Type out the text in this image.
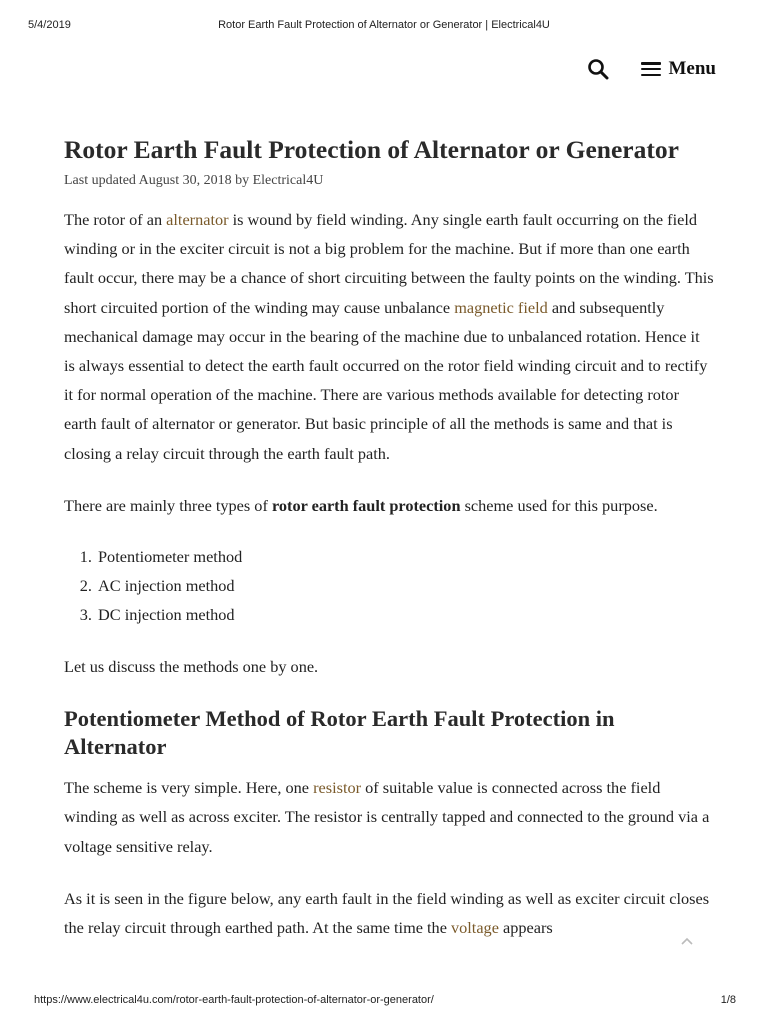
5/4/2019	Rotor Earth Fault Protection of Alternator or Generator | Electrical4U
Menu
Rotor Earth Fault Protection of Alternator or Generator
Last updated August 30, 2018 by Electrical4U

The rotor of an alternator is wound by field winding. Any single earth fault occurring on the field winding or in the exciter circuit is not a big problem for the machine. But if more than one earth fault occur, there may be a chance of short circuiting between the faulty points on the winding. This short circuited portion of the winding may cause unbalance magnetic field and subsequently mechanical damage may occur in the bearing of the machine due to unbalanced rotation. Hence it is always essential to detect the earth fault occurred on the rotor field winding circuit and to rectify it for normal operation of the machine. There are various methods available for detecting rotor earth fault of alternator or generator. But basic principle of all the methods is same and that is closing a relay circuit through the earth fault path.

There are mainly three types of rotor earth fault protection scheme used for this purpose.

1. Potentiometer method
2. AC injection method
3. DC injection method

Let us discuss the methods one by one.

Potentiometer Method of Rotor Earth Fault Protection in Alternator

The scheme is very simple. Here, one resistor of suitable value is connected across the field winding as well as across exciter. The resistor is centrally tapped and connected to the ground via a voltage sensitive relay.

As it is seen in the figure below, any earth fault in the field winding as well as exciter circuit closes the relay circuit through earthed path. At the same time the voltage appears

https://www.electrical4u.com/rotor-earth-fault-protection-of-alternator-or-generator/	1/8
